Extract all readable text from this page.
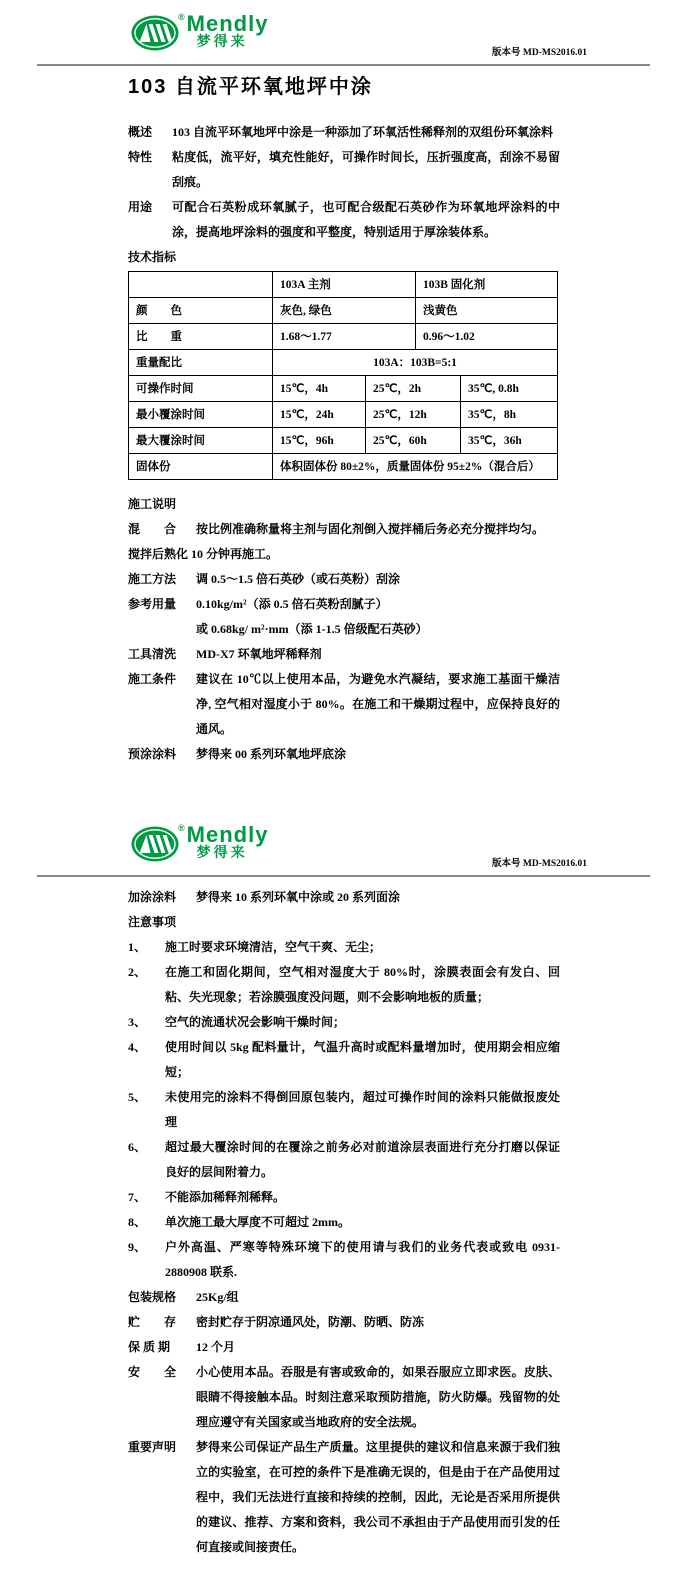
® Mendly
梦得来
版本号 MD-MS2016.01
103 自流平环氧地坪中涂
概述	103 自流平环氧地坪中涂是一种添加了环氧活性稀释剂的双组份环氧涂料
特性	粘度低，流平好，填充性能好，可操作时间长，压折强度高，刮涂不易留刮痕。
用途	可配合石英粉成环氧腻子，也可配合级配石英砂作为环氧地坪涂料的中涂，提高地坪涂料的强度和平整度，特别适用于厚涂装体系。
技术指标
	103A 主剂		103B 固化剂	
颜　　色	灰色, 绿色		浅黄色	
比　　重	1.68～1.77		0.96～1.02	
重量配比	103A：103B=5:1			
可操作时间	15℃，4h	25℃，2h		35℃, 0.8h
最小覆涂时间	15℃，24h	25℃，12h		35℃，8h
最大覆涂时间	15℃，96h	25℃，60h		35℃，36h
固体份	体积固体份 80±2%，质量固体份 95±2%（混合后）			
施工说明
混　　合	按比例准确称量将主剂与固化剂倒入搅拌桶后务必充分搅拌均匀。
搅拌后熟化 10 分钟再施工。
施工方法	调 0.5～1.5 倍石英砂（或石英粉）刮涂
参考用量	0.10kg/m²（添 0.5 倍石英粉刮腻子）
或 0.68kg/ m²·mm（添 1-1.5 倍级配石英砂）
工具清洗	MD-X7 环氧地坪稀释剂
施工条件	建议在 10℃以上使用本品，为避免水汽凝结，要求施工基面干燥洁净, 空气相对湿度小于 80%。在施工和干燥期过程中，应保持良好的通风。
预涂涂料	梦得来 00 系列环氧地坪底涂
® Mendly
梦得来
版本号 MD-MS2016.01
加涂涂料	梦得来 10 系列环氧中涂或 20 系列面涂
注意事项
1、	施工时要求环境清洁，空气干爽、无尘；
2、	在施工和固化期间，空气相对湿度大于 80%时，涂膜表面会有发白、回粘、失光现象；若涂膜强度没问题，则不会影响地板的质量；
3、	空气的流通状况会影响干燥时间；
4、	使用时间以 5kg 配料量计，气温升高时或配料量增加时，使用期会相应缩短；
5、	未使用完的涂料不得倒回原包装内，超过可操作时间的涂料只能做报废处理
6、	超过最大覆涂时间的在覆涂之前务必对前道涂层表面进行充分打磨以保证良好的层间附着力。
7、	不能添加稀释剂稀释。
8、	单次施工最大厚度不可超过 2mm。
9、	户外高温、严寒等特殊环境下的使用请与我们的业务代表或致电 0931-2880908 联系.
包装规格	25Kg/组
贮　　存	密封贮存于阴凉通风处，防潮、防晒、防冻
保 质 期	12 个月
安　　全	小心使用本品。吞服是有害或致命的，如果吞服应立即求医。皮肤、眼睛不得接触本品。时刻注意采取预防措施，防火防爆。残留物的处理应遵守有关国家或当地政府的安全法规。
重要声明	梦得来公司保证产品生产质量。这里提供的建议和信息来源于我们独立的实验室，在可控的条件下是准确无误的，但是由于在产品使用过程中，我们无法进行直接和持续的控制，因此，无论是否采用所提供的建议、推荐、方案和资料，我公司不承担由于产品使用而引发的任何直接或间接责任。
